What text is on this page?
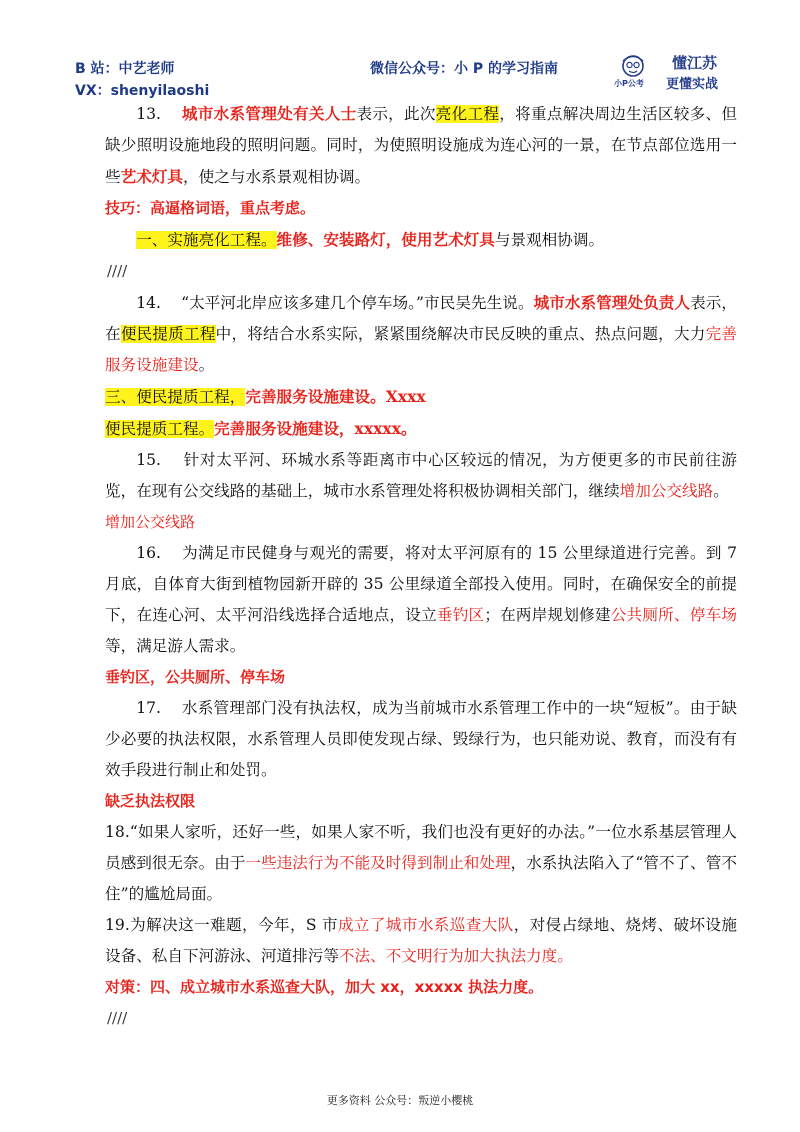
B 站：中艺老师
VX：shenyilaoshi
微信公众号：小 P 的学习指南
小P公考
懂江苏
更懂实战

13. 城市水系管理处有关人士表示，此次亮化工程，将重点解决周边生活区较多、但缺少照明设施地段的照明问题。同时，为使照明设施成为连心河的一景，在节点部位选用一些艺术灯具，使之与水系景观相协调。

技巧：高逼格词语，重点考虑。

一、实施亮化工程。维修、安装路灯，使用艺术灯具与景观相协调。

////

14. “太平河北岸应该多建几个停车场。”市民吴先生说。城市水系管理处负责人表示，在便民提质工程中，将结合水系实际，紧紧围绕解决市民反映的重点、热点问题，大力完善服务设施建设。

三、便民提质工程，完善服务设施建设。Xxxx

便民提质工程。完善服务设施建设，xxxxx。

15. 针对太平河、环城水系等距离市中心区较远的情况，为方便更多的市民前往游览，在现有公交线路的基础上，城市水系管理处将积极协调相关部门，继续增加公交线路。

增加公交线路

16. 为满足市民健身与观光的需要，将对太平河原有的 15 公里绿道进行完善。到 7 月底，自体育大街到植物园新开辟的 35 公里绿道全部投入使用。同时，在确保安全的前提下，在连心河、太平河沿线选择合适地点，设立垂钓区；在两岸规划修建公共厕所、停车场等，满足游人需求。

垂钓区，公共厕所、停车场

17. 水系管理部门没有执法权，成为当前城市水系管理工作中的一块“短板”。由于缺少必要的执法权限，水系管理人员即使发现占绿、毁绿行为，也只能劝说、教育，而没有有效手段进行制止和处罚。

缺乏执法权限

18.“如果人家听，还好一些，如果人家不听，我们也没有更好的办法。”一位水系基层管理人员感到很无奈。由于一些违法行为不能及时得到制止和处理，水系执法陷入了“管不了、管不住”的尴尬局面。

19.为解决这一难题，今年，S 市成立了城市水系巡查大队，对侵占绿地、烧烤、破坏设施设备、私自下河游泳、河道排污等不法、不文明行为加大执法力度。

对策：四、成立城市水系巡查大队，加大 xx，xxxxx 执法力度。

////

更多资料 公众号：叛逆小樱桃
